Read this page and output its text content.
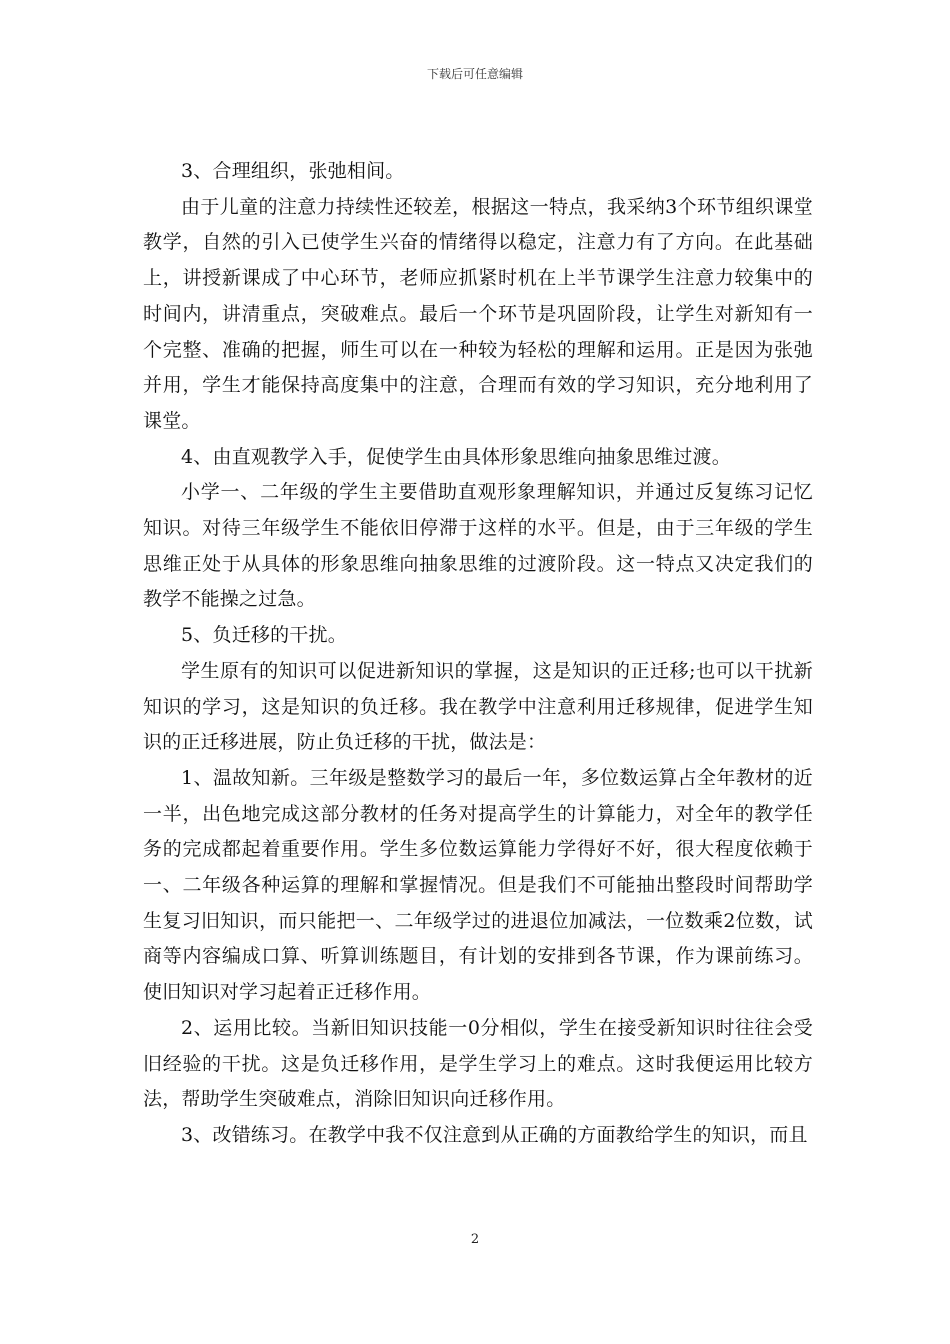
下载后可任意编辑

3、合理组织，张弛相间。

由于儿童的注意力持续性还较差，根据这一特点，我采纳3个环节组织课堂教学，自然的引入已使学生兴奋的情绪得以稳定，注意力有了方向。在此基础上，讲授新课成了中心环节，老师应抓紧时机在上半节课学生注意力较集中的时间内，讲清重点，突破难点。最后一个环节是巩固阶段，让学生对新知有一个完整、准确的把握，师生可以在一种较为轻松的理解和运用。正是因为张弛并用，学生才能保持高度集中的注意，合理而有效的学习知识，充分地利用了课堂。

4、由直观教学入手，促使学生由具体形象思维向抽象思维过渡。

小学一、二年级的学生主要借助直观形象理解知识，并通过反复练习记忆知识。对待三年级学生不能依旧停滞于这样的水平。但是，由于三年级的学生思维正处于从具体的形象思维向抽象思维的过渡阶段。这一特点又决定我们的教学不能操之过急。

5、负迁移的干扰。

学生原有的知识可以促进新知识的掌握，这是知识的正迁移;也可以干扰新知识的学习，这是知识的负迁移。我在教学中注意利用迁移规律，促进学生知识的正迁移进展，防止负迁移的干扰，做法是：

1、温故知新。三年级是整数学习的最后一年，多位数运算占全年教材的近一半，出色地完成这部分教材的任务对提高学生的计算能力，对全年的教学任务的完成都起着重要作用。学生多位数运算能力学得好不好，很大程度依赖于一、二年级各种运算的理解和掌握情况。但是我们不可能抽出整段时间帮助学生复习旧知识，而只能把一、二年级学过的进退位加减法，一位数乘2位数，试商等内容编成口算、听算训练题目，有计划的安排到各节课，作为课前练习。使旧知识对学习起着正迁移作用。

2、运用比较。当新旧知识技能一0分相似，学生在接受新知识时往往会受旧经验的干扰。这是负迁移作用，是学生学习上的难点。这时我便运用比较方法，帮助学生突破难点，消除旧知识向迁移作用。

3、改错练习。在教学中我不仅注意到从正确的方面教给学生的知识，而且

2
